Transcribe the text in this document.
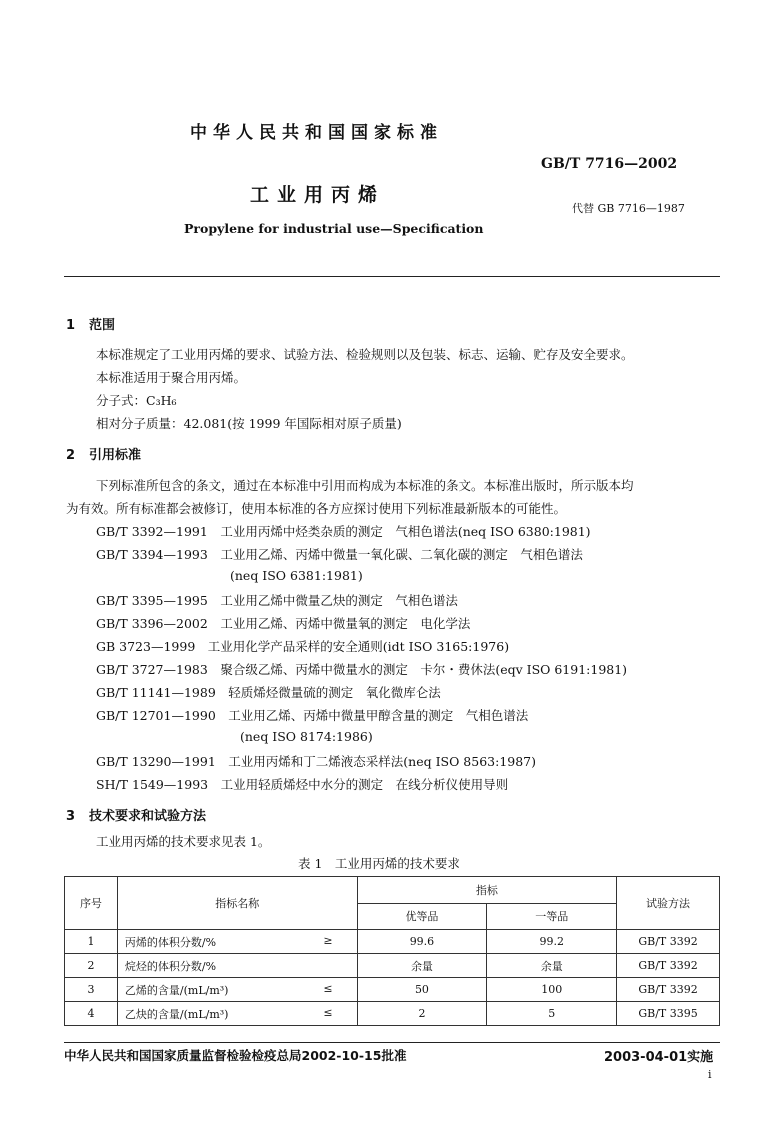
中华人民共和国国家标准
GB/T 7716—2002
工业用丙烯
代替 GB 7716—1987
Propylene for industrial use—Specification
1 范围
本标准规定了工业用丙烯的要求、试验方法、检验规则以及包装、标志、运输、贮存及安全要求。
本标准适用于聚合用丙烯。
分子式：C₃H₆
相对分子质量：42.081(按 1999 年国际相对原子质量)
2 引用标准
下列标准所包含的条文，通过在本标准中引用而构成为本标准的条文。本标准出版时，所示版本均
为有效。所有标准都会被修订，使用本标准的各方应探讨使用下列标准最新版本的可能性。
GB/T 3392—1991　工业用丙烯中烃类杂质的测定　气相色谱法(neq ISO 6380:1981)
GB/T 3394—1993　工业用乙烯、丙烯中微量一氧化碳、二氧化碳的测定　气相色谱法
(neq ISO 6381:1981)
GB/T 3395—1995　工业用乙烯中微量乙炔的测定　气相色谱法
GB/T 3396—2002　工业用乙烯、丙烯中微量氧的测定　电化学法
GB 3723—1999　工业用化学产品采样的安全通则(idt ISO 3165:1976)
GB/T 3727—1983　聚合级乙烯、丙烯中微量水的测定　卡尔・费休法(eqv ISO 6191:1981)
GB/T 11141—1989　轻质烯烃微量硫的测定　氧化微库仑法
GB/T 12701—1990　工业用乙烯、丙烯中微量甲醇含量的测定　气相色谱法
(neq ISO 8174:1986)
GB/T 13290—1991　工业用丙烯和丁二烯液态采样法(neq ISO 8563:1987)
SH/T 1549—1993　工业用轻质烯烃中水分的测定　在线分析仪使用导则
3 技术要求和试验方法
工业用丙烯的技术要求见表 1。
表 1　工业用丙烯的技术要求
序号	指标名称	指标		试验方法
		优等品	一等品	
1	丙烯的体积分数/% ≥	99.6	99.2	GB/T 3392
2	烷烃的体积分数/%	余量	余量	GB/T 3392
3	乙烯的含量/(mL/m³) ≤	50	100	GB/T 3392
4	乙炔的含量/(mL/m³) ≤	2	5	GB/T 3395
中华人民共和国国家质量监督检验检疫总局2002-10-15批准	2003-04-01实施
i
